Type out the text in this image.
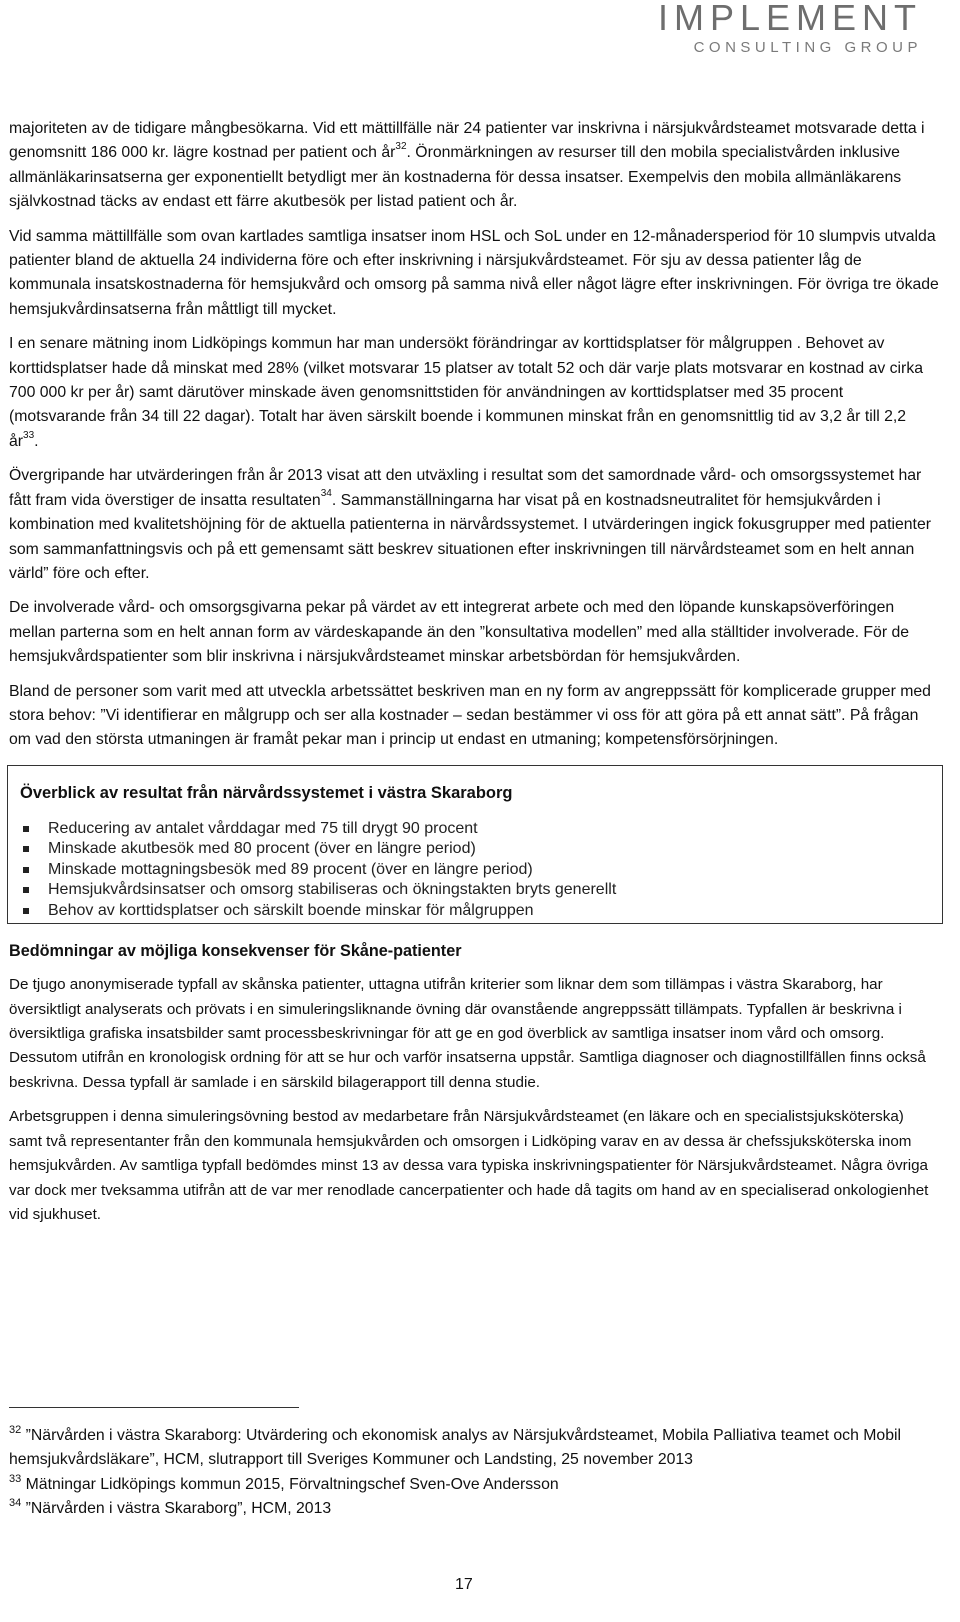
IMPLEMENT
CONSULTING GROUP

majoriteten av de tidigare mångbesökarna. Vid ett mättillfälle när 24 patienter var inskrivna i närsjukvårdsteamet motsvarade detta i genomsnitt 186 000 kr. lägre kostnad per patient och $år^{32}$. Öronmärkningen av resurser till den mobila specialistvården inklusive allmänläkarinsatserna ger exponentiellt betydligt mer än kostnaderna för dessa insatser. Exempelvis den mobila allmänläkarens självkostnad täcks av endast ett färre akutbesök per listad patient och år.

Vid samma mättillfälle som ovan kartlades samtliga insatser inom HSL och SoL under en 12-månadersperiod för 10 slumpvis utvalda patienter bland de aktuella 24 individerna före och efter inskrivning i närsjukvårdsteamet. För sju av dessa patienter låg de kommunala insatskostnaderna för hemsjukvård och omsorg på samma nivå eller något lägre efter inskrivningen. För övriga tre ökade hemsjukvårdinsatserna från måttligt till mycket.

I en senare mätning inom Lidköpings kommun har man undersökt förändringar av korttidsplatser för målgruppen . Behovet av korttidsplatser hade då minskat med 28% (vilket motsvarar 15 platser av totalt 52 och där varje plats motsvarar en kostnad av cirka 700 000 kr per år) samt därutöver minskade även genomsnittstiden för användningen av korttidsplatser med 35 procent (motsvarande från 34 till 22 dagar). Totalt har även särskilt boende i kommunen minskat från en genomsnittlig tid av 3,2 år till 2,2 $år^{33}$.

Övergripande har utvärderingen från år 2013 visat att den utväxling i resultat som det samordnade vård- och omsorgssystemet har fått fram vida överstiger de insatta resultaten$^{34}$. Sammanställningarna har visat på en kostnadsneutralitet för hemsjukvården i kombination med kvalitetshöjning för de aktuella patienterna in närvårdssystemet. I utvärderingen ingick fokusgrupper med patienter som sammanfattningsvis och på ett gemensamt sätt beskrev situationen efter inskrivningen till närvårdsteamet som en helt annan värld” före och efter.

De involverade vård- och omsorgsgivarna pekar på värdet av ett integrerat arbete och med den löpande kunskapsöverföringen mellan parterna som en helt annan form av värdeskapande än den ”konsultativa modellen” med alla ställtider involverade. För de hemsjukvårdspatienter som blir inskrivna i närsjukvårdsteamet minskar arbetsbördan för hemsjukvården.

Bland de personer som varit med att utveckla arbetssättet beskriven man en ny form av angreppssätt för komplicerade grupper med stora behov: ”Vi identifierar en målgrupp och ser alla kostnader – sedan bestämmer vi oss för att göra på ett annat sätt”. På frågan om vad den största utmaningen är framåt pekar man i princip ut endast en utmaning; kompetensförsörjningen.

Överblick av resultat från närvårdssystemet i västra Skaraborg
Reducering av antalet vårddagar med 75 till drygt 90 procent
Minskade akutbesök med 80 procent (över en längre period)
Minskade mottagningsbesök med 89 procent (över en längre period)
Hemsjukvårdsinsatser och omsorg stabiliseras och ökningstakten bryts generellt
Behov av korttidsplatser och särskilt boende minskar för målgruppen
Bedömningar av möjliga konsekvenser för Skåne-patienter

De tjugo anonymiserade typfall av skånska patienter, uttagna utifrån kriterier som liknar dem som tillämpas i västra Skaraborg, har översiktligt analyserats och prövats i en simuleringsliknande övning där ovanstående angreppssätt tillämpats. Typfallen är beskrivna i översiktliga grafiska insatsbilder samt processbeskrivningar för att ge en god överblick av samtliga insatser inom vård och omsorg. Dessutom utifrån en kronologisk ordning för att se hur och varför insatserna uppstår. Samtliga diagnoser och diagnostillfällen finns också beskrivna. Dessa typfall är samlade i en särskild bilagerapport till denna studie.

Arbetsgruppen i denna simuleringsövning bestod av medarbetare från Närsjukvårdsteamet (en läkare och en specialistsjuksköterska) samt två representanter från den kommunala hemsjukvården och omsorgen i Lidköping varav en av dessa är chefssjuksköterska inom hemsjukvården. Av samtliga typfall bedömdes minst 13 av dessa vara typiska inskrivningspatienter för Närsjukvårdsteamet. Några övriga var dock mer tveksamma utifrån att de var mer renodlade cancerpatienter och hade då tagits om hand av en specialiserad onkologienhet vid sjukhuset.

$^{32}$ ”Närvården i västra Skaraborg: Utvärdering och ekonomisk analys av Närsjukvårdsteamet, Mobila Palliativa teamet och Mobil hemsjukvårdsläkare”, HCM, slutrapport till Sveriges Kommuner och Landsting, 25 november 2013

$^{33}$ Mätningar Lidköpings kommun 2015, Förvaltningschef Sven-Ove Andersson

$^{34}$ ”Närvården i västra Skaraborg”, HCM, 2013

17
